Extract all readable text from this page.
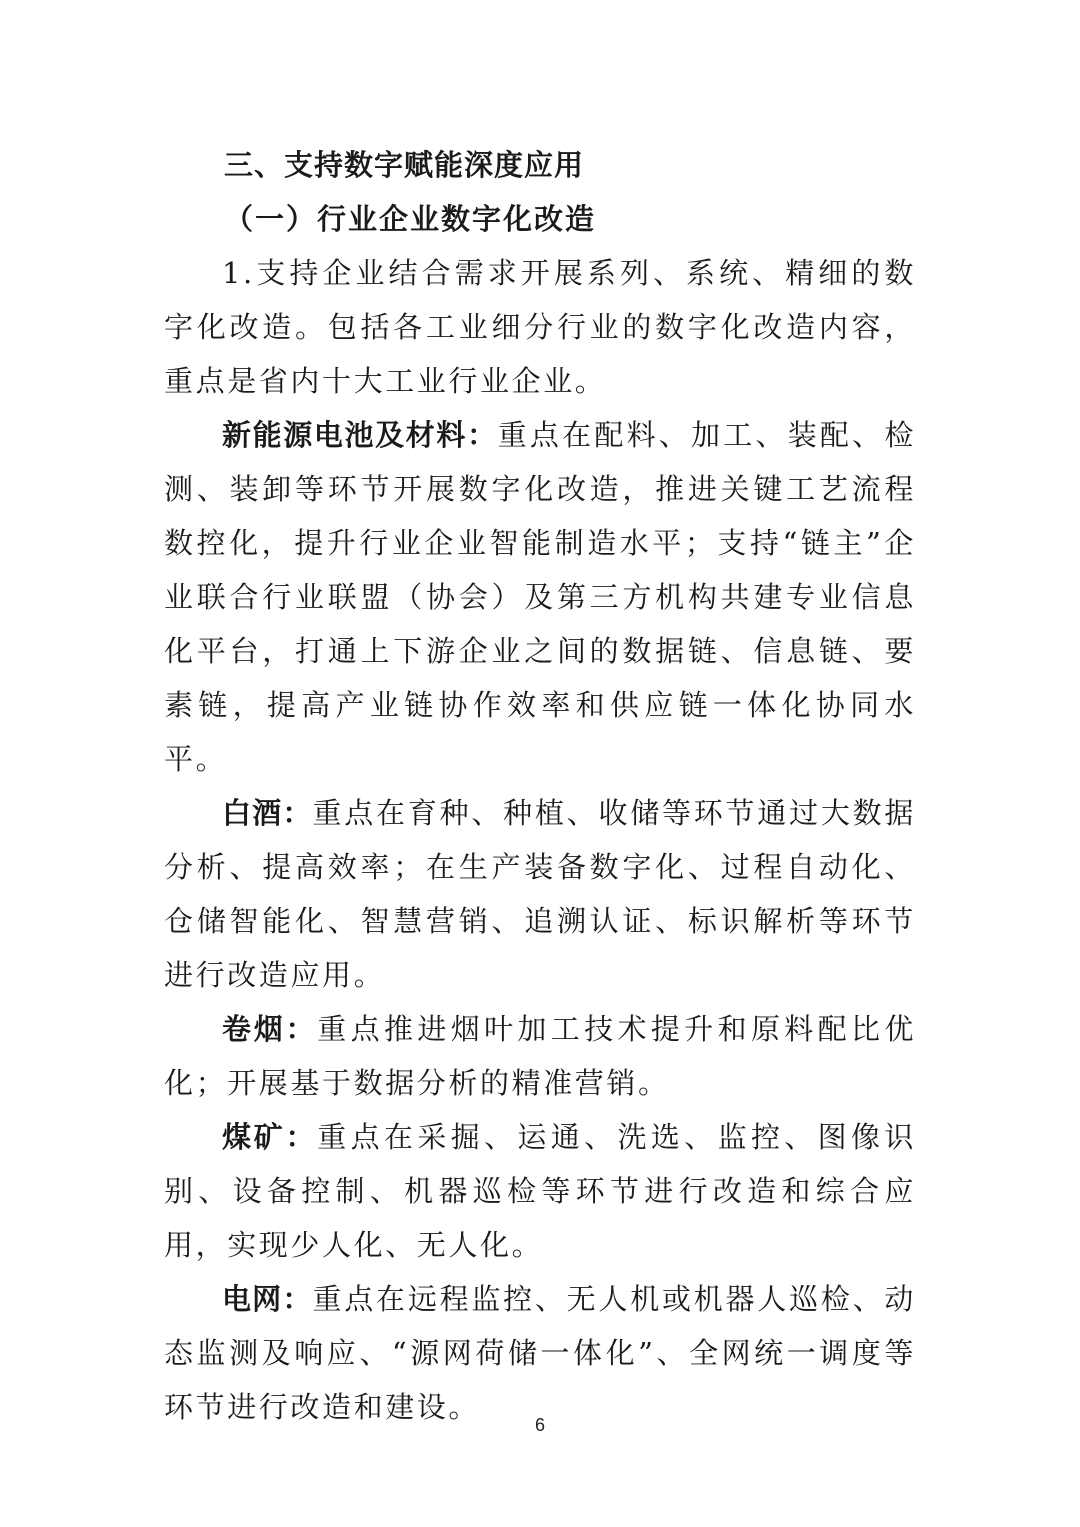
三、支持数字赋能深度应用
（一）行业企业数字化改造

1.支持企业结合需求开展系列、系统、精细的数字化改造。包括各工业细分行业的数字化改造内容，重点是省内十大工业行业企业。

新能源电池及材料：重点在配料、加工、装配、检测、装卸等环节开展数字化改造，推进关键工艺流程数控化，提升行业企业智能制造水平；支持“链主”企业联合行业联盟（协会）及第三方机构共建专业信息化平台，打通上下游企业之间的数据链、信息链、要素链，提高产业链协作效率和供应链一体化协同水平。

白酒：重点在育种、种植、收储等环节通过大数据分析、提高效率；在生产装备数字化、过程自动化、仓储智能化、智慧营销、追溯认证、标识解析等环节进行改造应用。

卷烟：重点推进烟叶加工技术提升和原料配比优化；开展基于数据分析的精准营销。

煤矿：重点在采掘、运通、洗选、监控、图像识别、设备控制、机器巡检等环节进行改造和综合应用，实现少人化、无人化。

电网：重点在远程监控、无人机或机器人巡检、动态监测及响应、“源网荷储一体化”、全网统一调度等环节进行改造和建设。

6
